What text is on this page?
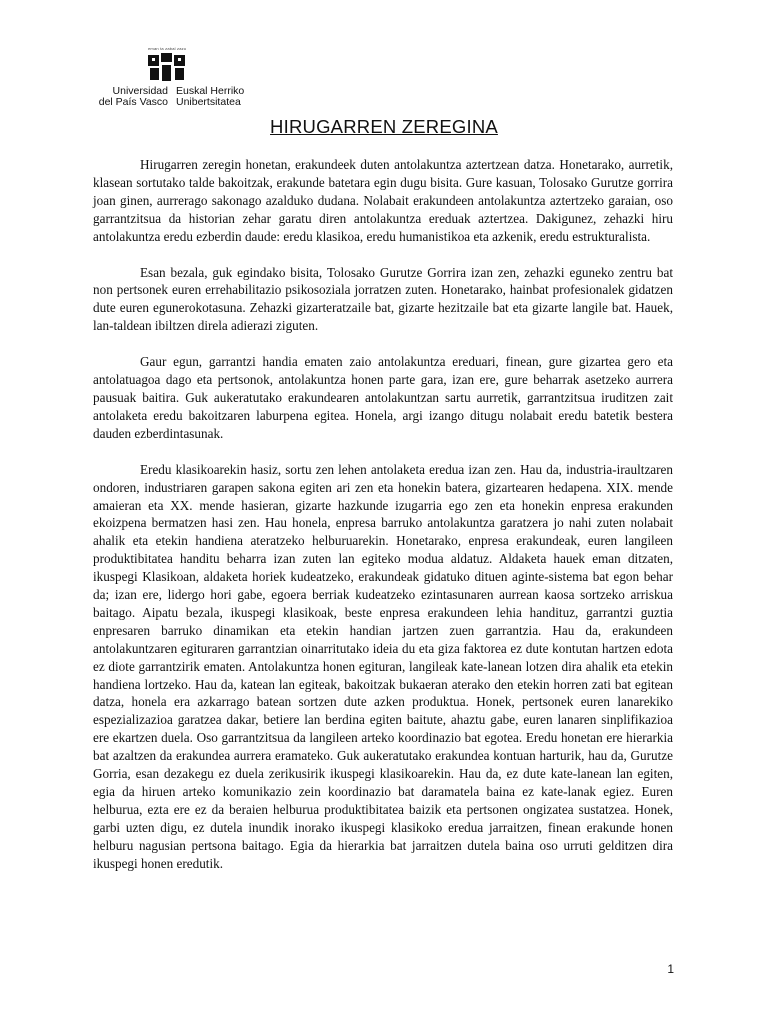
eman ta zabal zazu
Universidad
del País Vasco
Euskal Herriko
Unibertsitatea
HIRUGARREN ZEREGINA

Hirugarren zeregin honetan, erakundeek duten antolakuntza aztertzean datza. Honetarako, aurretik, klasean sortutako talde bakoitzak, erakunde batetara egin dugu bisita. Gure kasuan, Tolosako Gurutze gorrira joan ginen, aurrerago sakonago azalduko dudana. Nolabait erakundeen antolakuntza aztertzeko garaian, oso garrantzitsua da historian zehar garatu diren antolakuntza ereduak aztertzea. Dakigunez, zehazki hiru antolakuntza eredu ezberdin daude: eredu klasikoa, eredu humanistikoa eta azkenik, eredu estrukturalista.

Esan bezala, guk egindako bisita, Tolosako Gurutze Gorrira izan zen, zehazki eguneko zentru bat non pertsonek euren errehabilitazio psikosoziala jorratzen zuten. Honetarako, hainbat profesionalek gidatzen dute euren egunerokotasuna. Zehazki gizarteratzaile bat, gizarte hezitzaile bat eta gizarte langile bat. Hauek, lan-taldean ibiltzen direla adierazi ziguten.

Gaur egun, garrantzi handia ematen zaio antolakuntza ereduari, finean, gure gizartea gero eta antolatuagoa dago eta pertsonok, antolakuntza honen parte gara, izan ere, gure beharrak asetzeko aurrera pausuak baitira. Guk aukeratutako erakundearen antolakuntzan sartu aurretik, garrantzitsua iruditzen zait antolaketa eredu bakoitzaren laburpena egitea. Honela, argi izango ditugu nolabait eredu batetik bestera dauden ezberdintasunak.

Eredu klasikoarekin hasiz, sortu zen lehen antolaketa eredua izan zen. Hau da, industria-iraultzaren ondoren, industriaren garapen sakona egiten ari zen eta honekin batera, gizartearen hedapena. XIX. mende amaieran eta XX. mende hasieran, gizarte hazkunde izugarria ego zen eta honekin enpresa erakunden ekoizpena bermatzen hasi zen. Hau honela, enpresa barruko antolakuntza garatzera jo nahi zuten nolabait ahalik eta etekin handiena ateratzeko helburuarekin. Honetarako, enpresa erakundeak, euren langileen produktibitatea handitu beharra izan zuten lan egiteko modua aldatuz. Aldaketa hauek eman ditzaten, ikuspegi Klasikoan, aldaketa horiek kudeatzeko, erakundeak gidatuko dituen aginte-sistema bat egon behar da; izan ere, lidergo hori gabe, egoera berriak kudeatzeko ezintasunaren aurrean kaosa sortzeko arriskua baitago. Aipatu bezala, ikuspegi klasikoak, beste enpresa erakundeen lehia handituz, garrantzi guztia enpresaren barruko dinamikan eta etekin handian jartzen zuen garrantzia. Hau da, erakundeen antolakuntzaren egituraren garrantzian oinarritutako ideia du eta giza faktorea ez dute kontutan hartzen edota ez diote garrantzirik ematen. Antolakuntza honen egituran, langileak kate-lanean lotzen dira ahalik eta etekin handiena lortzeko. Hau da, katean lan egiteak, bakoitzak bukaeran aterako den etekin horren zati bat egitean datza, honela era azkarrago batean sortzen dute azken produktua. Honek, pertsonek euren lanarekiko espezializazioa garatzea dakar, betiere lan berdina egiten baitute, ahaztu gabe, euren lanaren sinplifikazioa ere ekartzen duela. Oso garrantzitsua da langileen arteko koordinazio bat egotea. Eredu honetan ere hierarkia bat azaltzen da erakundea aurrera eramateko. Guk aukeratutako erakundea kontuan harturik, hau da, Gurutze Gorria, esan dezakegu ez duela zerikusirik ikuspegi klasikoarekin. Hau da, ez dute kate-lanean lan egiten, egia da hiruen arteko komunikazio zein koordinazio bat daramatela baina ez kate-lanak egiez. Euren helburua, ezta ere ez da beraien helburua produktibitatea baizik eta pertsonen ongizatea sustatzea. Honek, garbi uzten digu, ez dutela inundik inorako ikuspegi klasikoko eredua jarraitzen, finean erakunde honen helburu nagusian pertsona baitago. Egia da hierarkia bat jarraitzen dutela baina oso urruti gelditzen dira ikuspegi honen eredutik.

1
